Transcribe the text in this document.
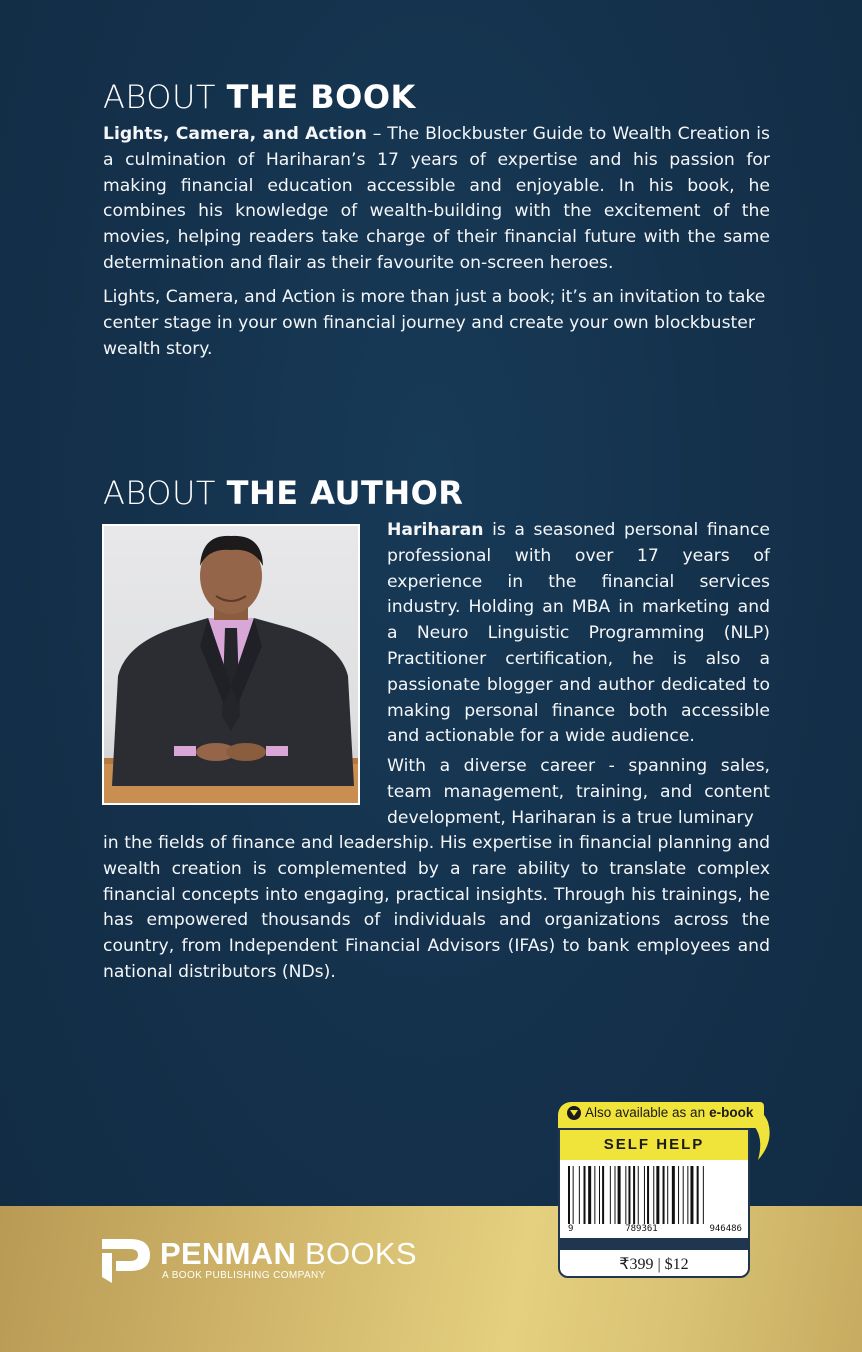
ABOUT THE BOOK

Lights, Camera, and Action – The Blockbuster Guide to Wealth Creation is a culmination of Hariharan’s 17 years of expertise and his passion for making financial education accessible and enjoyable. In his book, he combines his knowledge of wealth-building with the excitement of the movies, helping readers take charge of their financial future with the same determination and flair as their favourite on-screen heroes.

Lights, Camera, and Action is more than just a book; it’s an invitation to take center stage in your own financial journey and create your own blockbuster wealth story.

ABOUT THE AUTHOR

Hariharan is a seasoned personal finance professional with over 17 years of experience in the financial services industry. Holding an MBA in marketing and a Neuro Linguistic Programming (NLP) Practitioner certification, he is also a passionate blogger and author dedicated to making personal finance both accessible and actionable for a wide audience.

With a diverse career - spanning sales, team management, training, and content development, Hariharan is a true luminary

in the fields of finance and leadership. His expertise in financial planning and wealth creation is complemented by a rare ability to translate complex financial concepts into engaging, practical insights. Through his trainings, he has empowered thousands of individuals and organizations across the country, from Independent Financial Advisors (IFAs) to bank employees and national distributors (NDs).

PENMAN BOOKS

A BOOK PUBLISHING COMPANY

Also available as an e-book

SELF HELP

9	789361	946486

₹399 | $12
